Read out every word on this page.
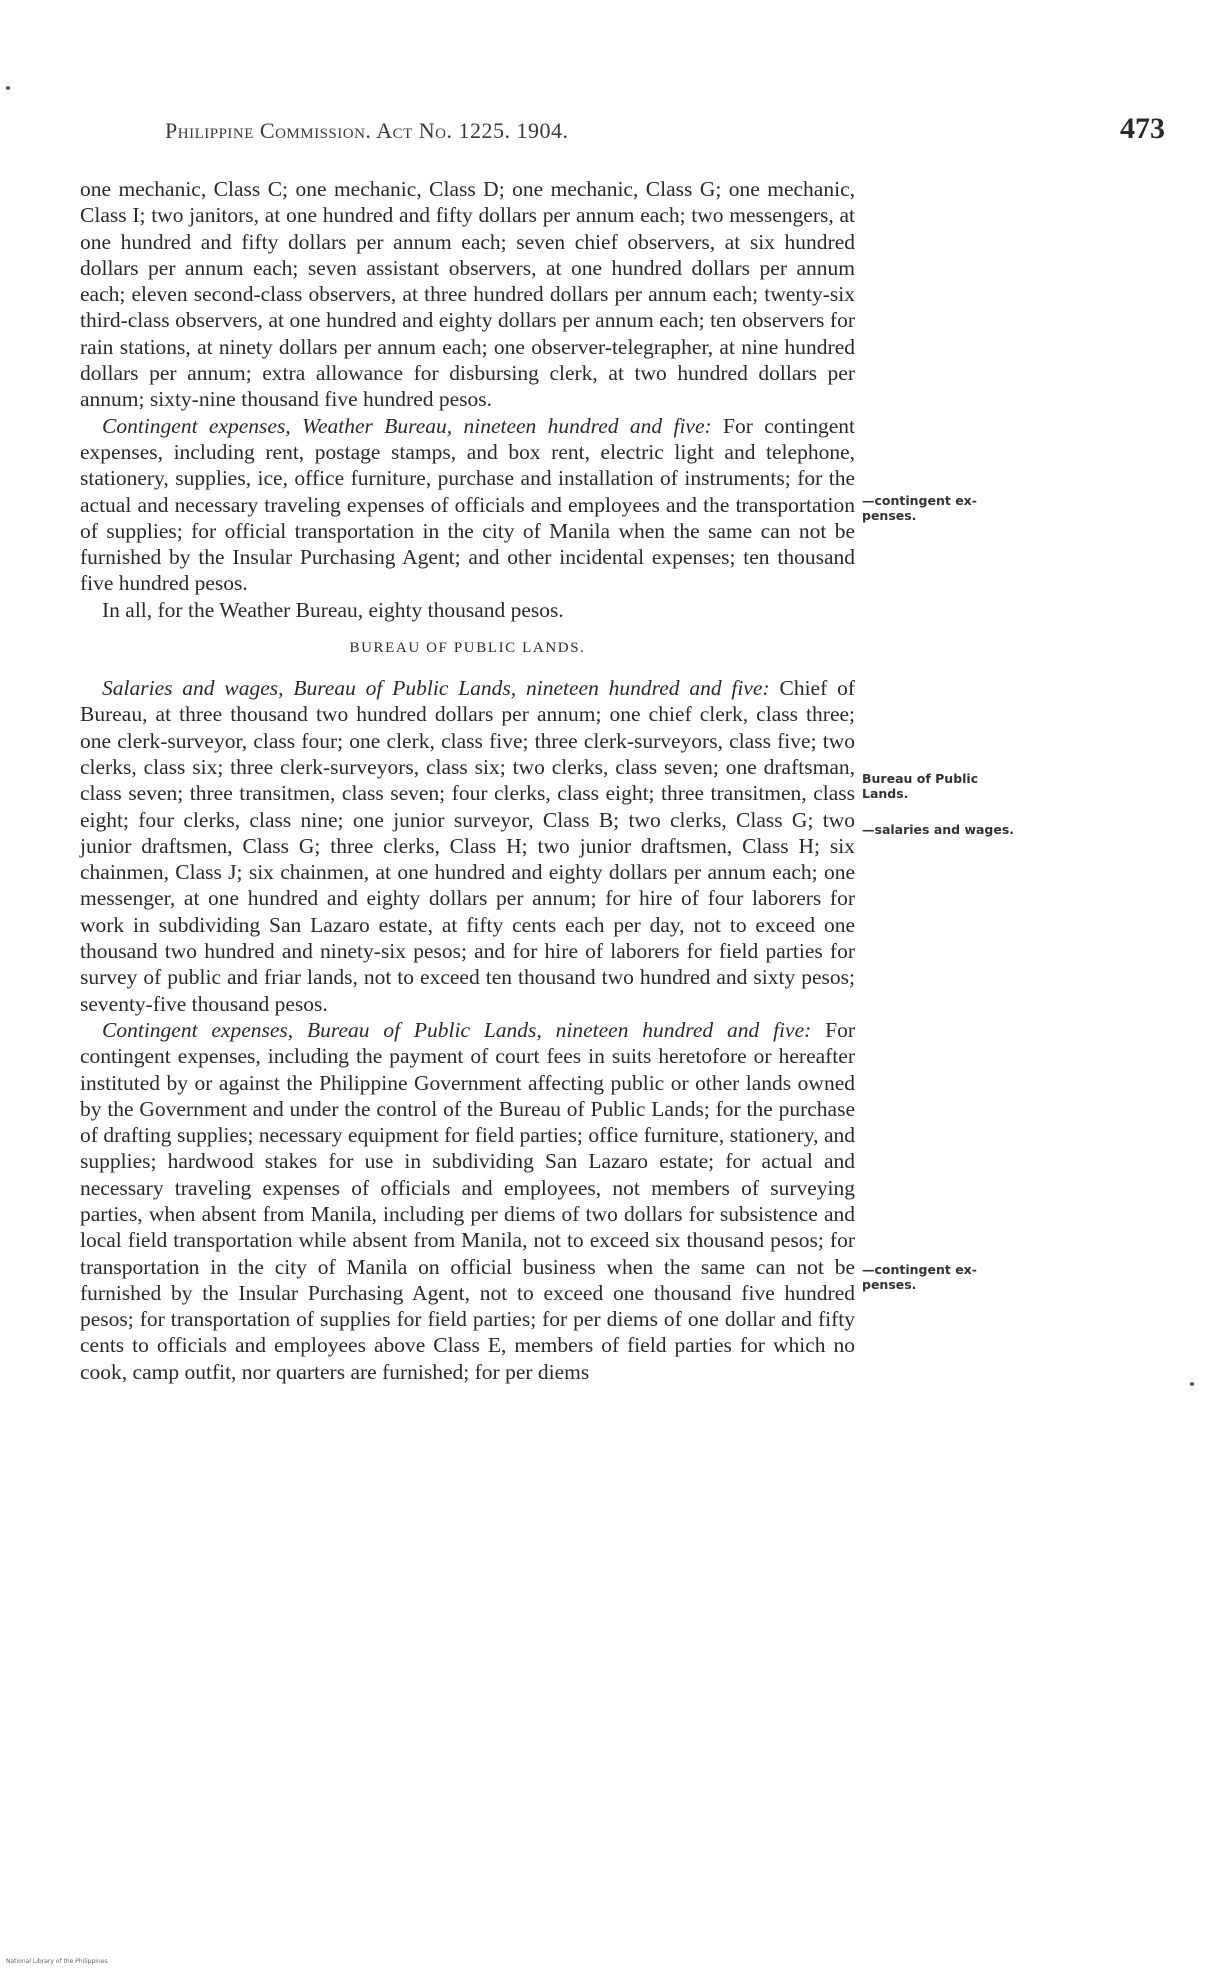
Philippine Commission. Act No. 1225. 1904.	473

one mechanic, Class C; one mechanic, Class D; one mechanic, Class G; one mechanic, Class I; two janitors, at one hundred and fifty dollars per annum each; two messengers, at one hundred and fifty dollars per annum each; seven chief observers, at six hundred dollars per annum each; seven assistant observers, at one hundred dollars per annum each; eleven second-class observers, at three hundred dollars per annum each; twenty-six third-class observers, at one hundred and eighty dollars per annum each; ten observers for rain stations, at ninety dollars per annum each; one observer-telegrapher, at nine hundred dollars per annum; extra allowance for disbursing clerk, at two hundred dollars per annum; sixty-nine thousand five hundred pesos.

Contingent expenses, Weather Bureau, nineteen hundred and five: For contingent expenses, including rent, postage stamps, and box rent, electric light and telephone, stationery, supplies, ice, office furniture, purchase and installation of instruments; for the actual and necessary traveling expenses of officials and employees and the transportation of supplies; for official transportation in the city of Manila when the same can not be furnished by the Insular Purchasing Agent; and other incidental expenses; ten thousand five hundred pesos.

In all, for the Weather Bureau, eighty thousand pesos.

BUREAU OF PUBLIC LANDS.

Salaries and wages, Bureau of Public Lands, nineteen hundred and five: Chief of Bureau, at three thousand two hundred dollars per annum; one chief clerk, class three; one clerk-surveyor, class four; one clerk, class five; three clerk-surveyors, class five; two clerks, class six; three clerk-surveyors, class six; two clerks, class seven; one draftsman, class seven; three transitmen, class seven; four clerks, class eight; three transitmen, class eight; four clerks, class nine; one junior surveyor, Class B; two clerks, Class G; two junior draftsmen, Class G; three clerks, Class H; two junior draftsmen, Class H; six chainmen, Class J; six chainmen, at one hundred and eighty dollars per annum each; one messenger, at one hundred and eighty dollars per annum; for hire of four laborers for work in subdividing San Lazaro estate, at fifty cents each per day, not to exceed one thousand two hundred and ninety-six pesos; and for hire of laborers for field parties for survey of public and friar lands, not to exceed ten thousand two hundred and sixty pesos; seventy-five thousand pesos.

Contingent expenses, Bureau of Public Lands, nineteen hundred and five: For contingent expenses, including the payment of court fees in suits heretofore or hereafter instituted by or against the Philippine Government affecting public or other lands owned by the Government and under the control of the Bureau of Public Lands; for the purchase of drafting supplies; necessary equipment for field parties; office furniture, stationery, and supplies; hardwood stakes for use in subdividing San Lazaro estate; for actual and necessary traveling expenses of officials and employees, not members of surveying parties, when absent from Manila, including per diems of two dollars for subsistence and local field transportation while absent from Manila, not to exceed six thousand pesos; for transportation in the city of Manila on official business when the same can not be furnished by the Insular Purchasing Agent, not to exceed one thousand five hundred pesos; for transportation of supplies for field parties; for per diems of one dollar and fifty cents to officials and employees above Class E, members of field parties for which no cook, camp outfit, nor quarters are furnished; for per diems

—contingent ex-
penses.
Bureau of Public
Lands.
—salaries and wages.
—contingent ex-
penses.
National Library of the Philippines
